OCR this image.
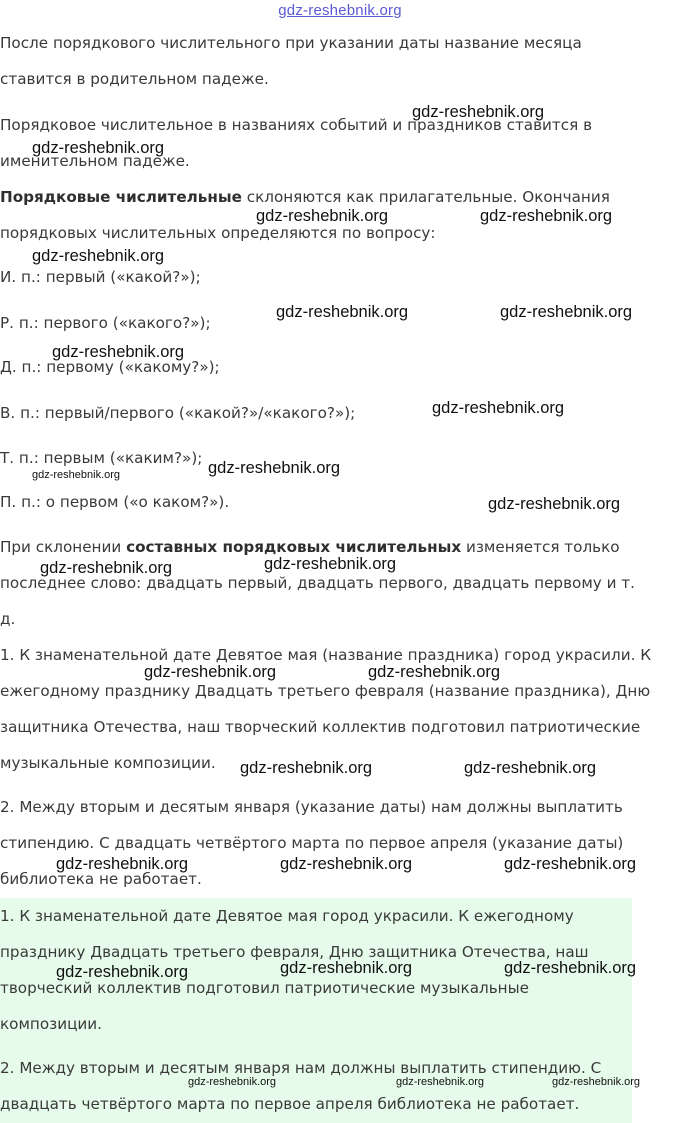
gdz-reshebnik.org
После порядкового числительного при указании даты название месяца
ставится в родительном падеже.
Порядковое числительное в названиях событий и праздников ставится в
именительном падеже.
Порядковые числительные склоняются как прилагательные. Окончания
порядковых числительных определяются по вопросу:
И. п.: первый («какой?»);
Р. п.: первого («какого?»);
Д. п.: первому («какому?»);
В. п.: первый/первого («какой?»/«какого?»);
Т. п.: первым («каким?»);
П. п.: о первом («о каком?»).
При склонении составных порядковых числительных изменяется только
последнее слово: двадцать первый, двадцать первого, двадцать первому и т.
д.
1. К знаменательной дате Девятое мая (название праздника) город украсили. К
ежегодному празднику Двадцать третьего февраля (название праздника), Дню
защитника Отечества, наш творческий коллектив подготовил патриотические
музыкальные композиции.
2. Между вторым и десятым января (указание даты) нам должны выплатить
стипендию. С двадцать четвёртого марта по первое апреля (указание даты)
библиотека не работает.
1. К знаменательной дате Девятое мая город украсили. К ежегодному
празднику Двадцать третьего февраля, Дню защитника Отечества, наш
творческий коллектив подготовил патриотические музыкальные
композиции.
2. Между вторым и десятым января нам должны выплатить стипендию. С
двадцать четвёртого марта по первое апреля библиотека не работает.
gdz-reshebnik.org
gdz-reshebnik.org
gdz-reshebnik.org	gdz-reshebnik.org
gdz-reshebnik.org
gdz-reshebnik.org	gdz-reshebnik.org
gdz-reshebnik.org
gdz-reshebnik.org
gdz-reshebnik.org
gdz-reshebnik.org
gdz-reshebnik.org
gdz-reshebnik.org	gdz-reshebnik.org
gdz-reshebnik.org	gdz-reshebnik.org
gdz-reshebnik.org	gdz-reshebnik.org
gdz-reshebnik.org	gdz-reshebnik.org	gdz-reshebnik.org
gdz-reshebnik.org	gdz-reshebnik.org	gdz-reshebnik.org
gdz-reshebnik.org	gdz-reshebnik.org	gdz-reshebnik.org
